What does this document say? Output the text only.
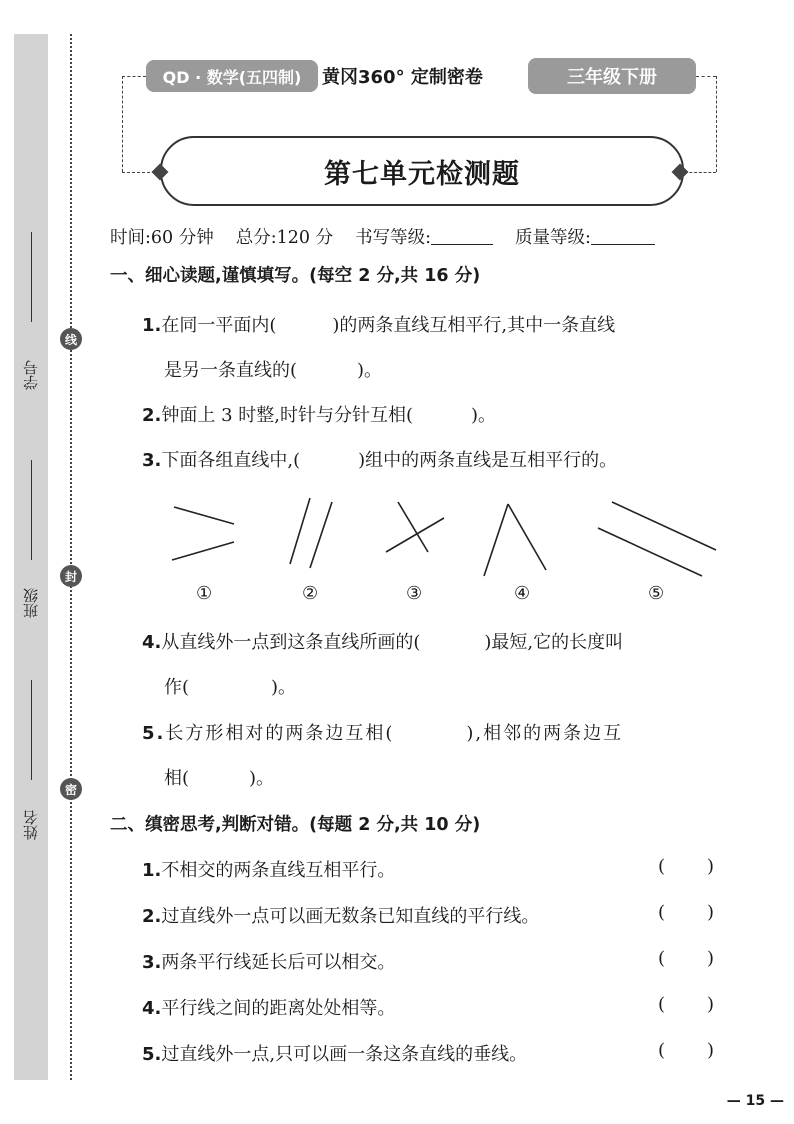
学号
班级
姓名
线
封
密
QD · 数学(五四制)	黄冈360° 定制密卷	三年级下册
第七单元检测题
时间:60 分钟 总分:120 分 书写等级:	质量等级:
一、细心读题,谨慎填写。(每空 2 分,共 16 分)
1.在同一平面内(	)的两条直线互相平行,其中一条直线
是另一条直线的(	)。
2.钟面上 3 时整,时针与分针互相(	)。
3.下面各组直线中,(	)组中的两条直线是互相平行的。
①	②	③	④	⑤
4.从直线外一点到这条直线所画的(	)最短,它的长度叫
作(	)。
5.长方形相对的两条边互相(	),相邻的两条边互
相(	)。
二、缜密思考,判断对错。(每题 2 分,共 10 分)
1.不相交的两条直线互相平行。
2.过直线外一点可以画无数条已知直线的平行线。
3.两条平行线延长后可以相交。
4.平行线之间的距离处处相等。
5.过直线外一点,只可以画一条这条直线的垂线。
( )
( )
( )
( )
( )
— 15 —
